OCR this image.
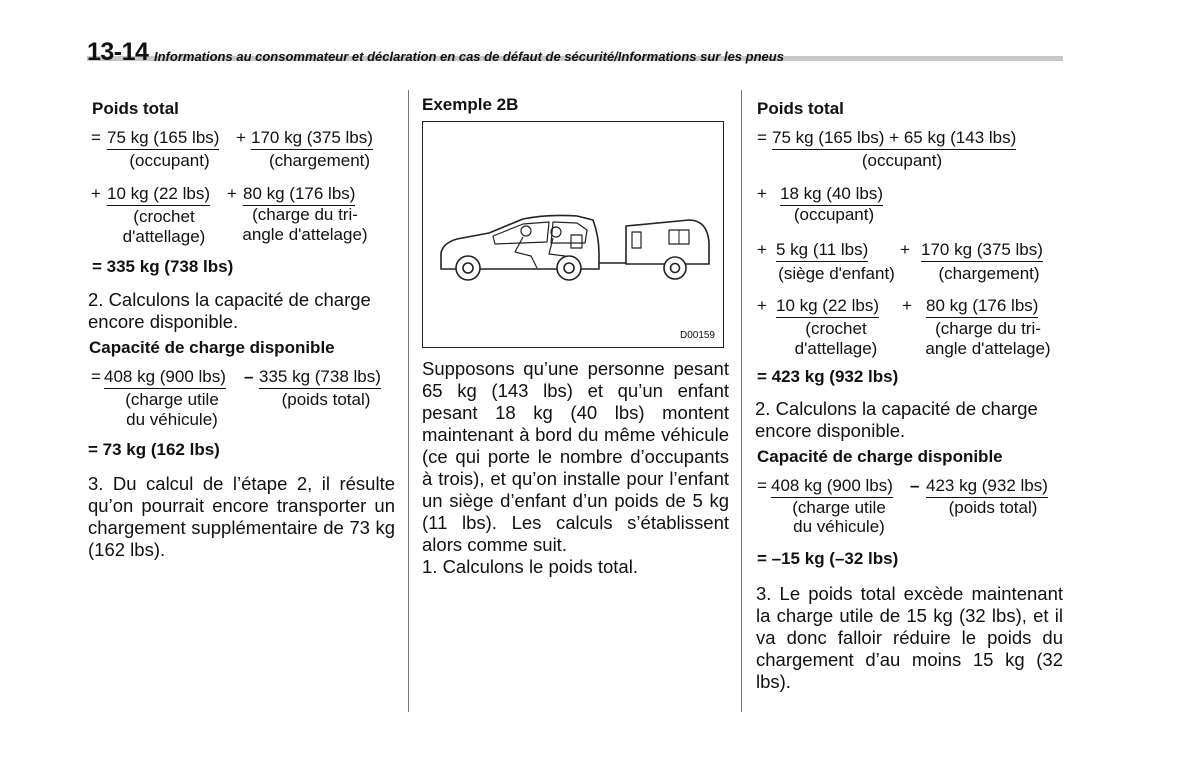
13-14 Informations au consommateur et déclaration en cas de défaut de sécurité/Informations sur les pneus
Poids total
= 75 kg (165 lbs) + 170 kg (375 lbs)
(occupant)	(chargement)
+ 10 kg (22 lbs) + 80 kg (176 lbs)
(crochet
d'attellage)
(charge du tri-
angle d'attelage)
= 335 kg (738 lbs)
2. Calculons la capacité de charge
encore disponible.
Capacité de charge disponible
= 408 kg (900 lbs) – 335 kg (738 lbs)
(charge utile
du véhicule)
(poids total)
= 73 kg (162 lbs)
3. Du calcul de l’étape 2, il résulte qu’on pourrait encore transporter un chargement supplémentaire de 73 kg (162 lbs).
Exemple 2B
D00159
Supposons qu’une personne pesant 65 kg (143 lbs) et qu’un enfant pesant 18 kg (40 lbs) montent maintenant à bord du même véhicule (ce qui porte le nombre d’occupants à trois), et qu’on installe pour l’enfant un siège d’enfant d’un poids de 5 kg (11 lbs). Les calculs s’établissent alors comme suit.
1. Calculons le poids total.
Poids total
= 75 kg (165 lbs) + 65 kg (143 lbs)
(occupant)
+ 18 kg (40 lbs)
(occupant)
+ 5 kg (11 lbs) + 170 kg (375 lbs)
(siège d'enfant)	(chargement)
+ 10 kg (22 lbs) + 80 kg (176 lbs)
(crochet
d'attellage)
(charge du tri-
angle d'attelage)
= 423 kg (932 lbs)
2. Calculons la capacité de charge
encore disponible.
Capacité de charge disponible
= 408 kg (900 lbs) – 423 kg (932 lbs)
(charge utile
du véhicule)
(poids total)
= –15 kg (–32 lbs)
3. Le poids total excède maintenant la charge utile de 15 kg (32 lbs), et il va donc falloir réduire le poids du chargement d’au moins 15 kg (32 lbs).
